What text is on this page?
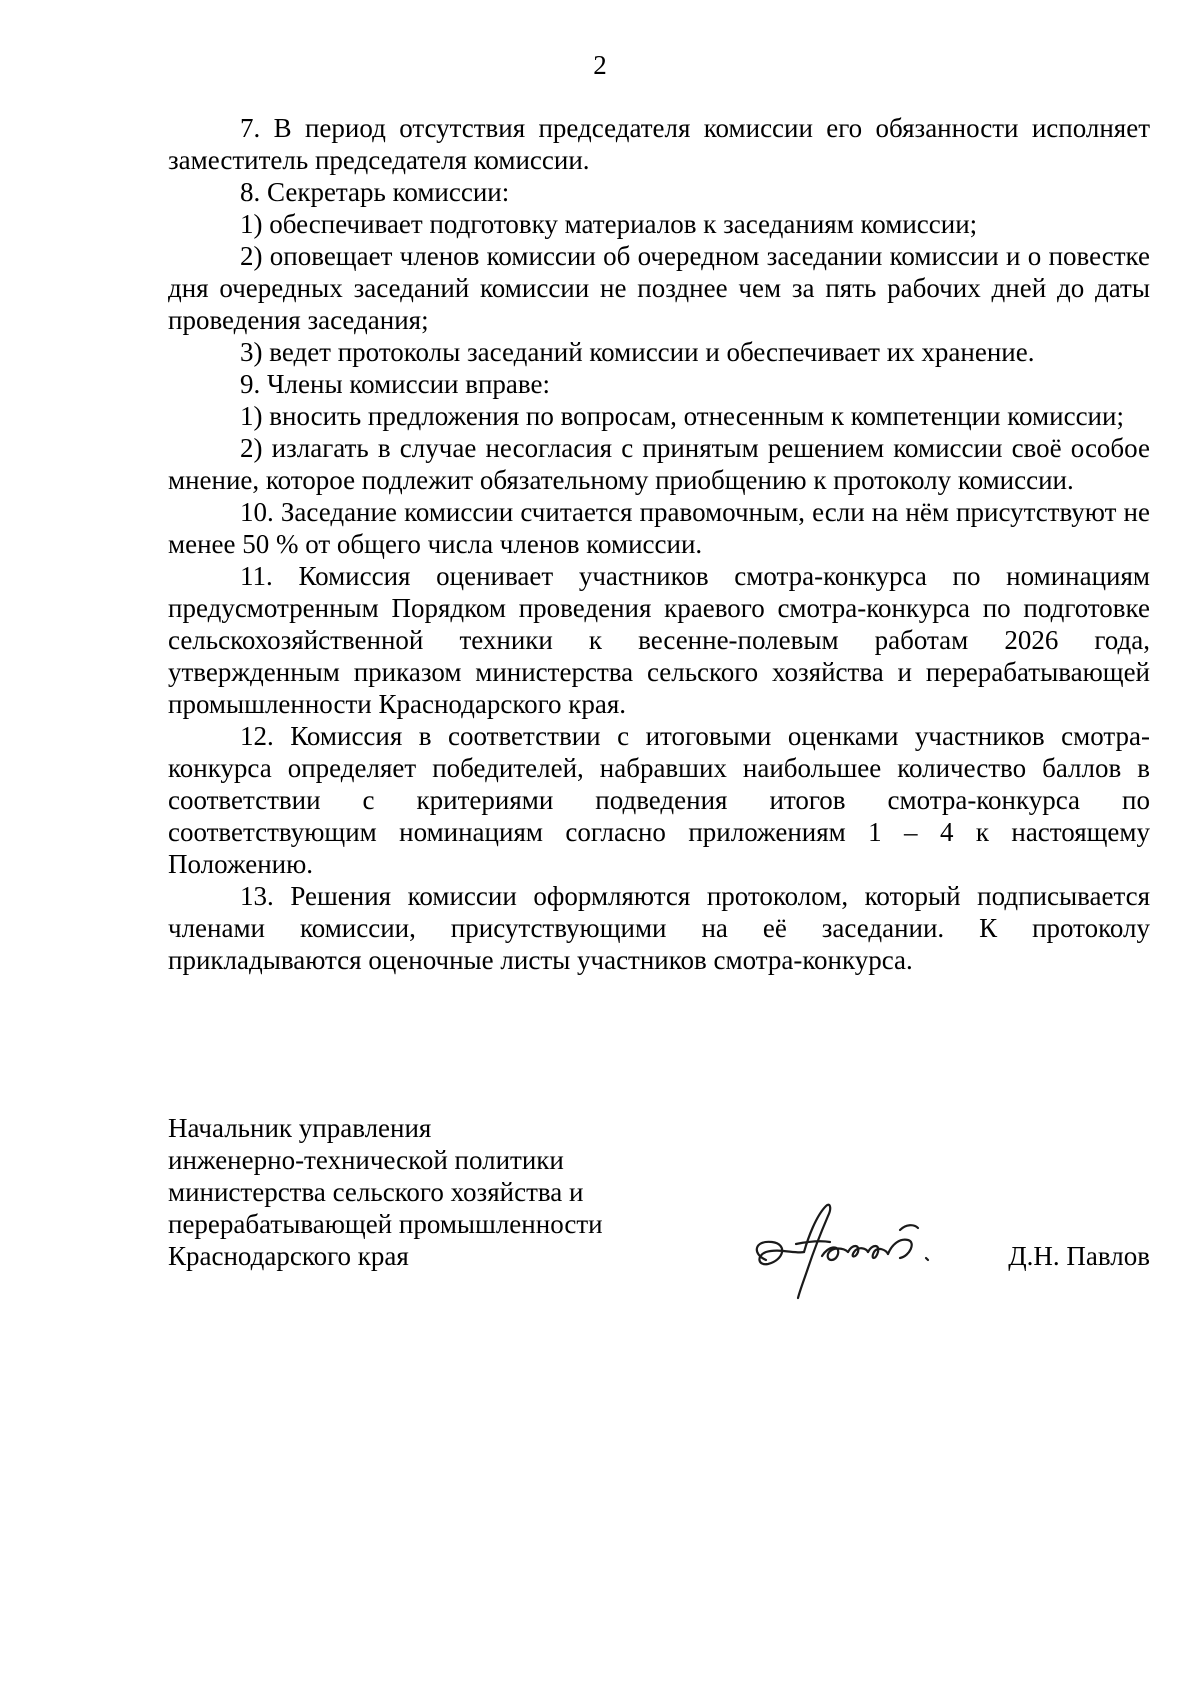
2

7. В период отсутствия председателя комиссии его обязанности исполняет заместитель председателя комиссии.

8. Секретарь комиссии:

1) обеспечивает подготовку материалов к заседаниям комиссии;

2) оповещает членов комиссии об очередном заседании комиссии и о повестке дня очередных заседаний комиссии не позднее чем за пять рабочих дней до даты проведения заседания;

3) ведет протоколы заседаний комиссии и обеспечивает их хранение.

9. Члены комиссии вправе:

1) вносить предложения по вопросам, отнесенным к компетенции комиссии;

2) излагать в случае несогласия с принятым решением комиссии своё особое мнение, которое подлежит обязательному приобщению к протоколу комиссии.

10. Заседание комиссии считается правомочным, если на нём присутствуют не менее 50 % от общего числа членов комиссии.

11. Комиссия оценивает участников смотра-конкурса по номинациям предусмотренным Порядком проведения краевого смотра-конкурса по подготовке сельскохозяйственной техники к весенне-полевым работам 2026 года, утвержденным приказом министерства сельского хозяйства и перерабатывающей промышленности Краснодарского края.

12. Комиссия в соответствии с итоговыми оценками участников смотра-конкурса определяет победителей, набравших наибольшее количество баллов в соответствии с критериями подведения итогов смотра-конкурса по соответствующим номинациям согласно приложениям 1 – 4 к настоящему Положению.

13. Решения комиссии оформляются протоколом, который подписывается членами комиссии, присутствующими на её заседании. К протоколу прикладываются оценочные листы участников смотра-конкурса.

Начальник управления
инженерно-технической политики
министерства сельского хозяйства и
перерабатывающей промышленности
Краснодарского края	Д.Н. Павлов
